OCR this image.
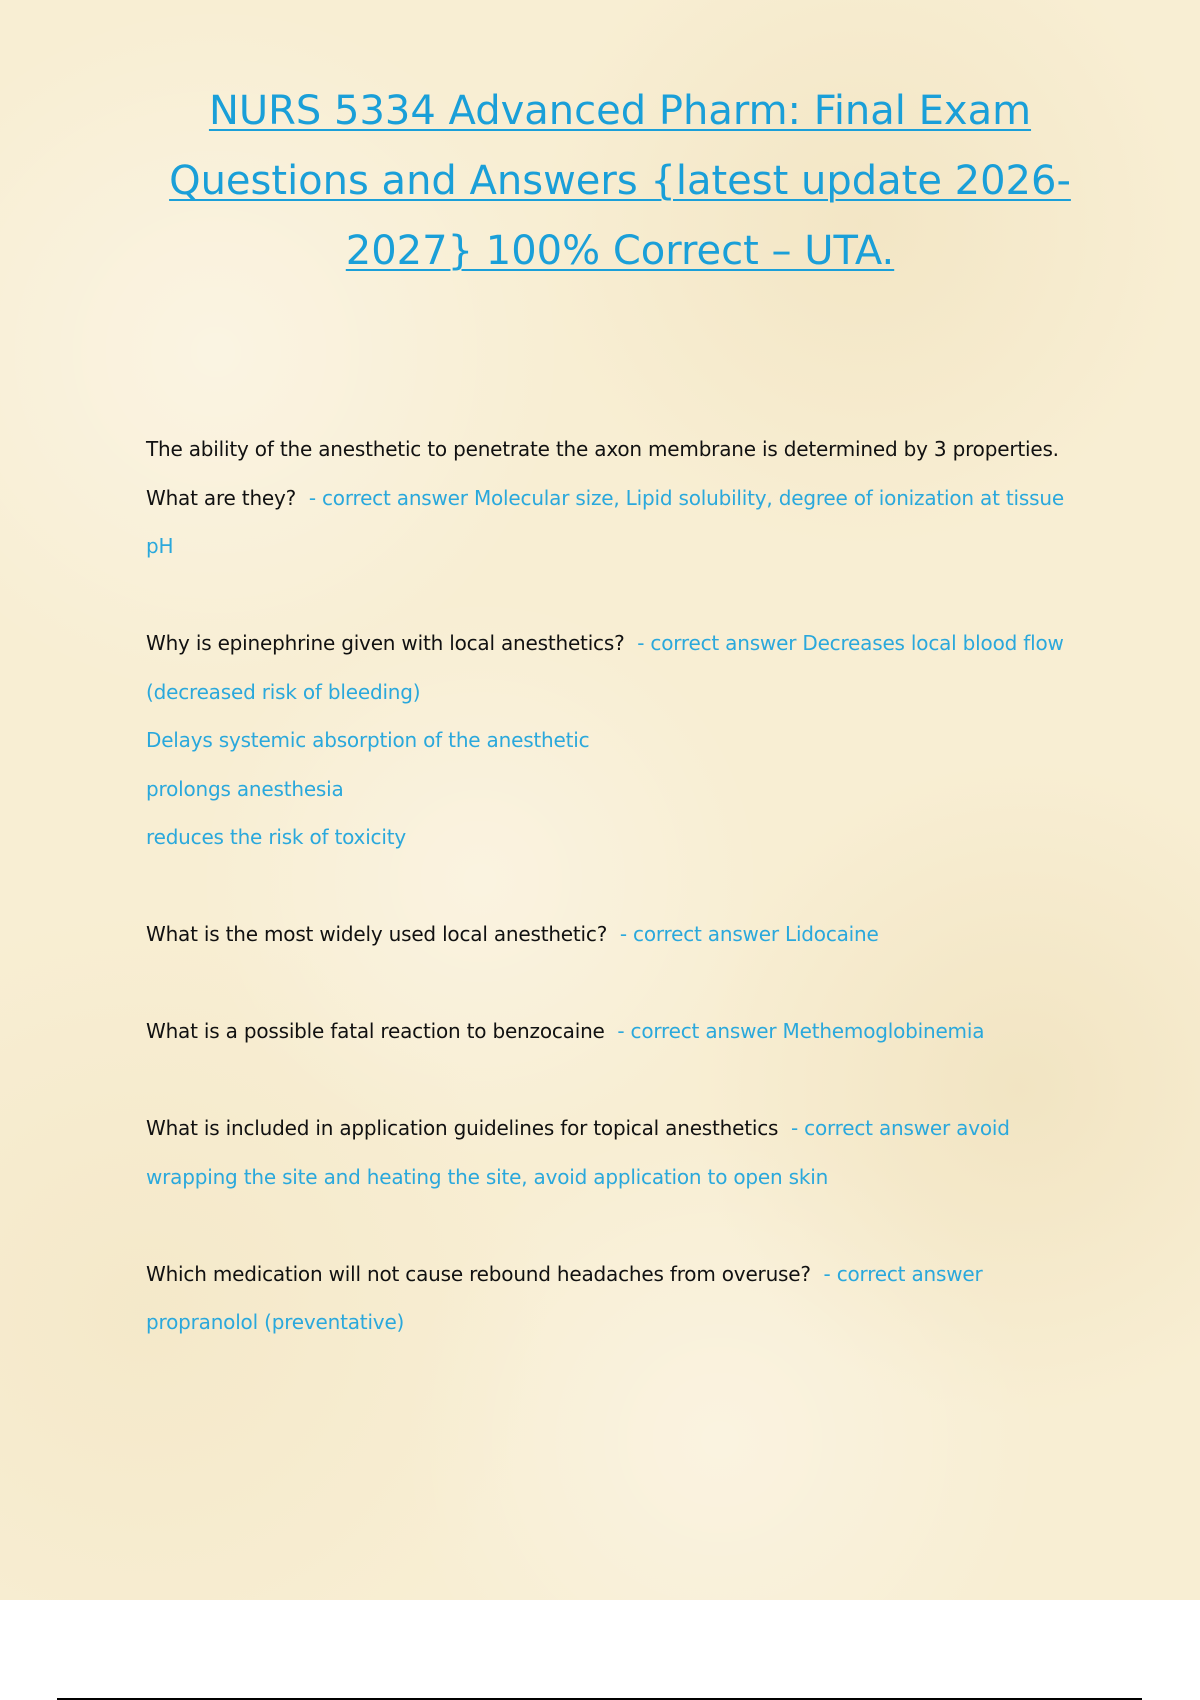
NURS 5334 Advanced Pharm: Final Exam Questions and Answers {latest update 2026-2027} 100% Correct – UTA.

The ability of the anesthetic to penetrate the axon membrane is determined by 3 properties. What are they? - correct answer Molecular size, Lipid solubility, degree of ionization at tissue pH

Why is epinephrine given with local anesthetics? - correct answer Decreases local blood flow (decreased risk of bleeding)
Delays systemic absorption of the anesthetic
prolongs anesthesia
reduces the risk of toxicity

What is the most widely used local anesthetic? - correct answer Lidocaine

What is a possible fatal reaction to benzocaine - correct answer Methemoglobinemia

What is included in application guidelines for topical anesthetics - correct answer avoid wrapping the site and heating the site, avoid application to open skin

Which medication will not cause rebound headaches from overuse? - correct answer propranolol (preventative)
